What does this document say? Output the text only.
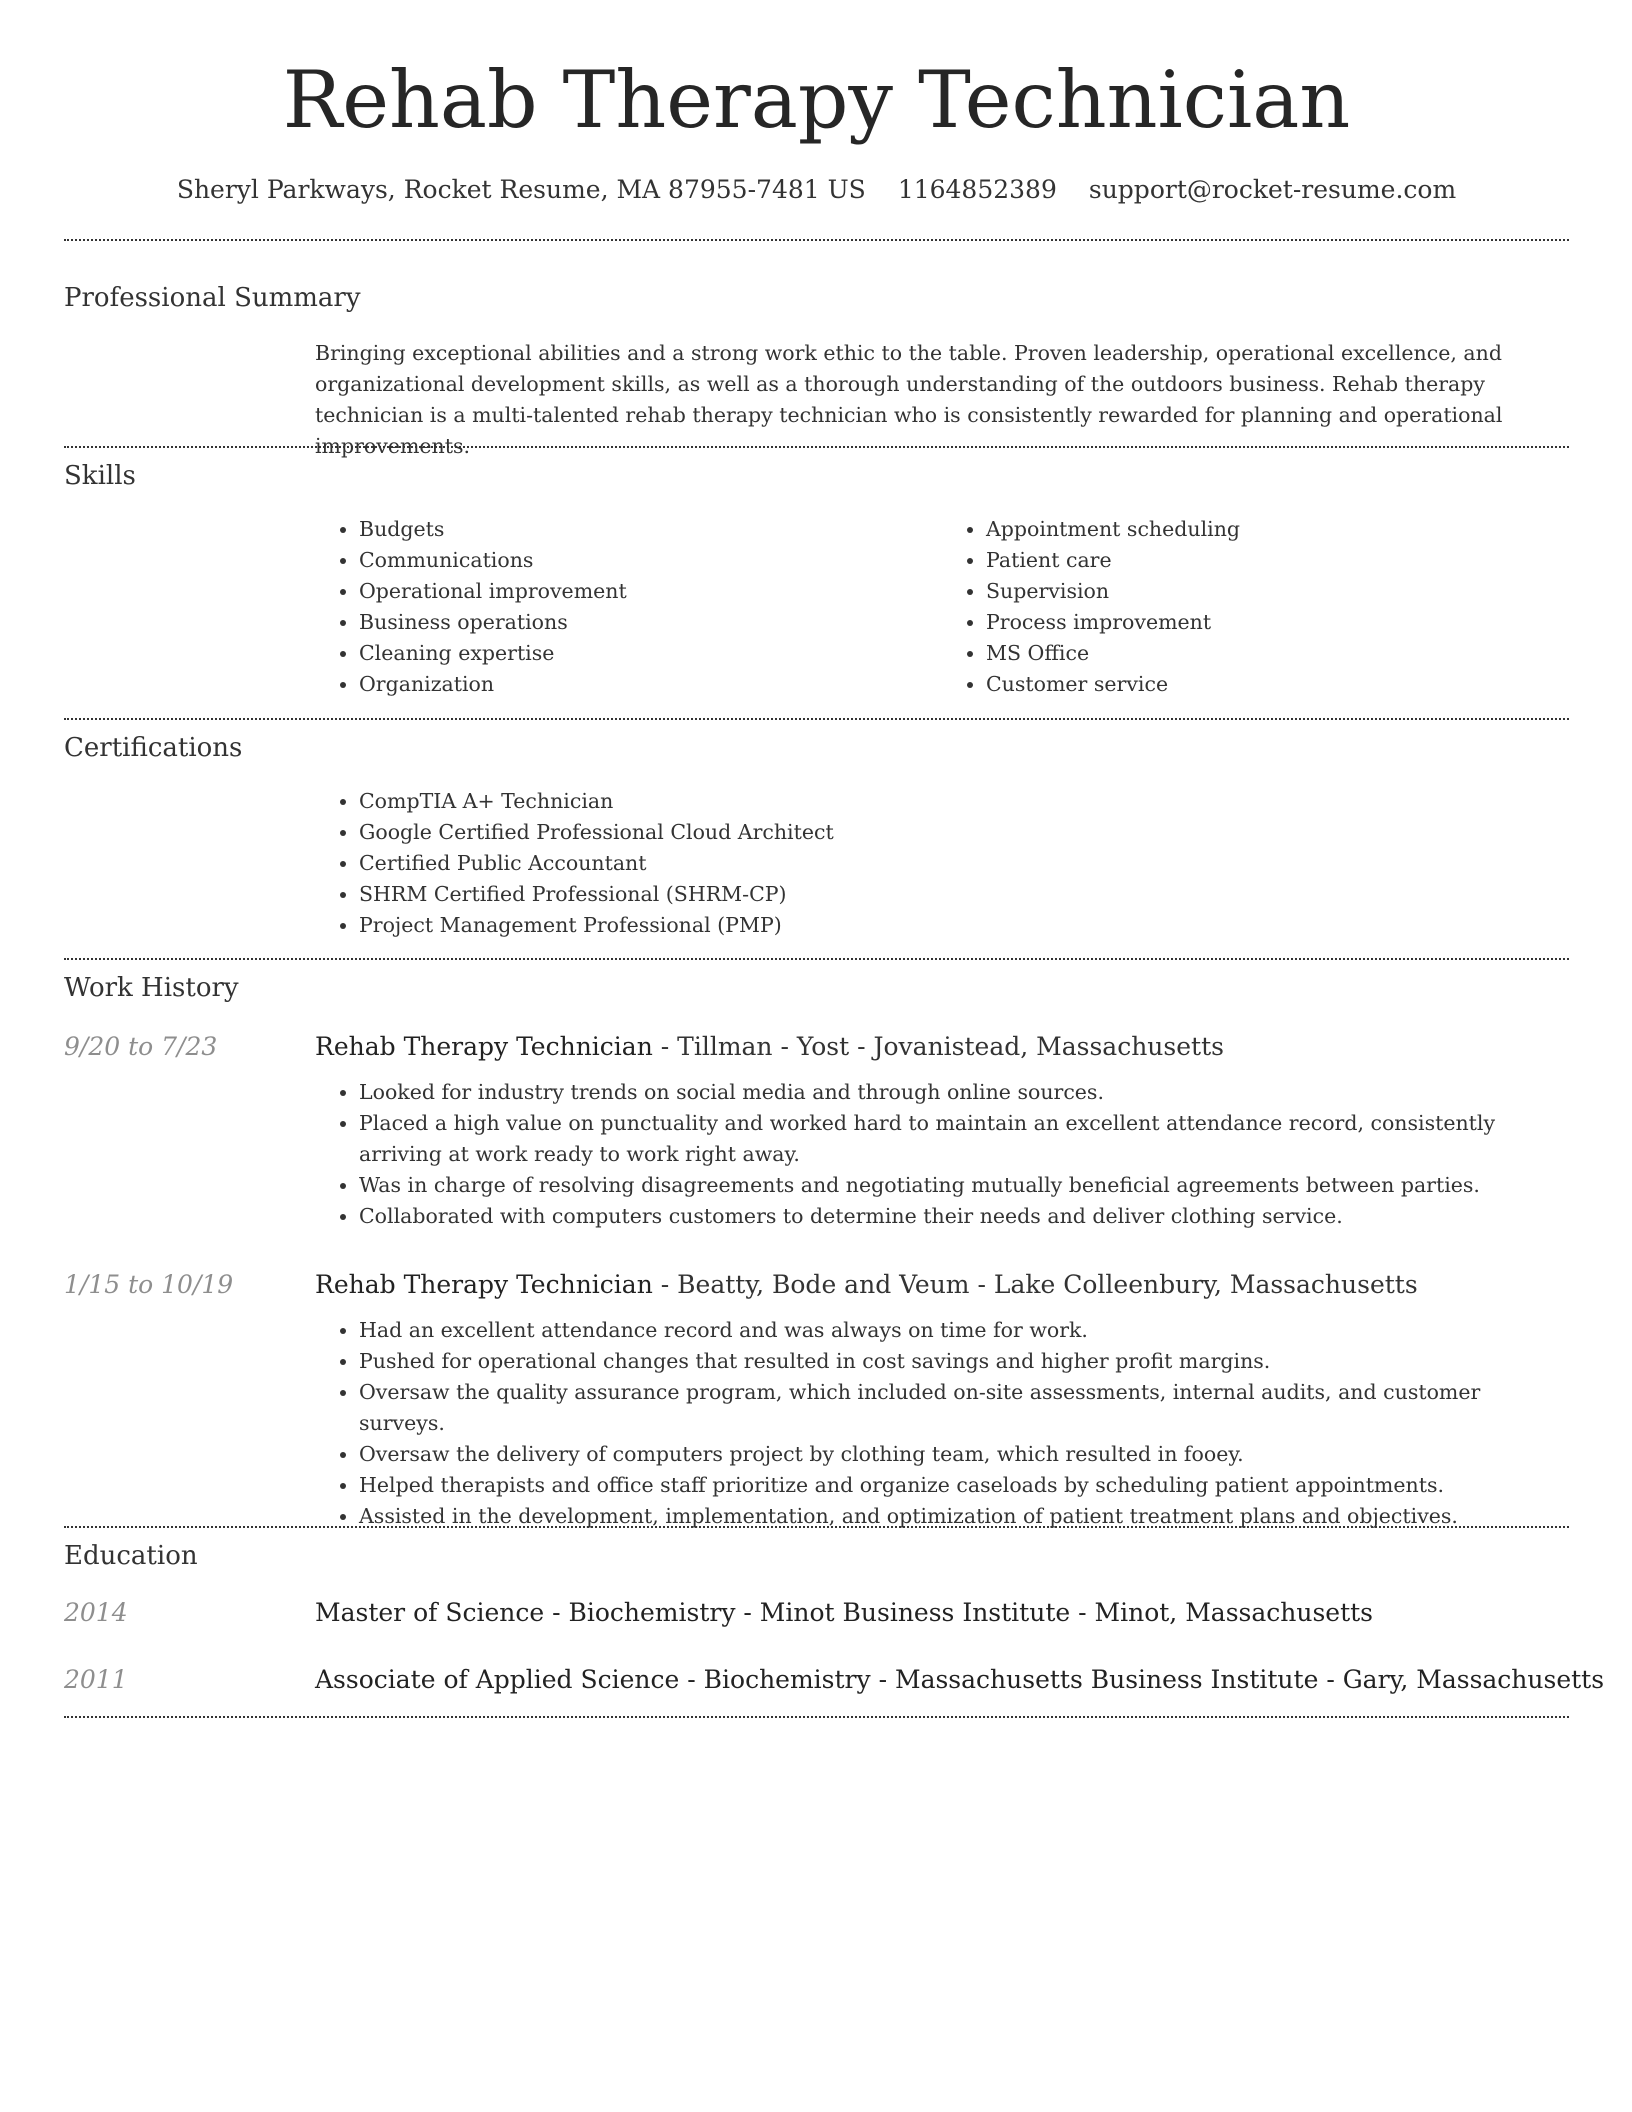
Rehab Therapy Technician
Sheryl Parkways, Rocket Resume, MA 87955-7481 US 1164852389 support@rocket-resume.com
Professional Summary

Bringing exceptional abilities and a strong work ethic to the table. Proven leadership, operational excellence, and organizational development skills, as well as a thorough understanding of the outdoors business. Rehab therapy technician is a multi-talented rehab therapy technician who is consistently rewarded for planning and operational improvements.

Skills
• Budgets
• Communications
• Operational improvement
• Business operations
• Cleaning expertise
• Organization
• Appointment scheduling
• Patient care
• Supervision
• Process improvement
• MS Office
• Customer service
Certifications
• CompTIA A+ Technician
• Google Certified Professional Cloud Architect
• Certified Public Accountant
• SHRM Certified Professional (SHRM-CP)
• Project Management Professional (PMP)
Work History
9/20 to 7/23	Rehab Therapy Technician - Tillman - Yost - Jovanistead, Massachusetts
• Looked for industry trends on social media and through online sources.
• Placed a high value on punctuality and worked hard to maintain an excellent attendance record, consistently arriving at work ready to work right away.
• Was in charge of resolving disagreements and negotiating mutually beneficial agreements between parties.
• Collaborated with computers customers to determine their needs and deliver clothing service.
1/15 to 10/19	Rehab Therapy Technician - Beatty, Bode and Veum - Lake Colleenbury, Massachusetts
• Had an excellent attendance record and was always on time for work.
• Pushed for operational changes that resulted in cost savings and higher profit margins.
• Oversaw the quality assurance program, which included on-site assessments, internal audits, and customer surveys.
• Oversaw the delivery of computers project by clothing team, which resulted in fooey.
• Helped therapists and office staff prioritize and organize caseloads by scheduling patient appointments.
• Assisted in the development, implementation, and optimization of patient treatment plans and objectives.
Education
2014	Master of Science - Biochemistry - Minot Business Institute - Minot, Massachusetts
2011	Associate of Applied Science - Biochemistry - Massachusetts Business Institute - Gary, Massachusetts
